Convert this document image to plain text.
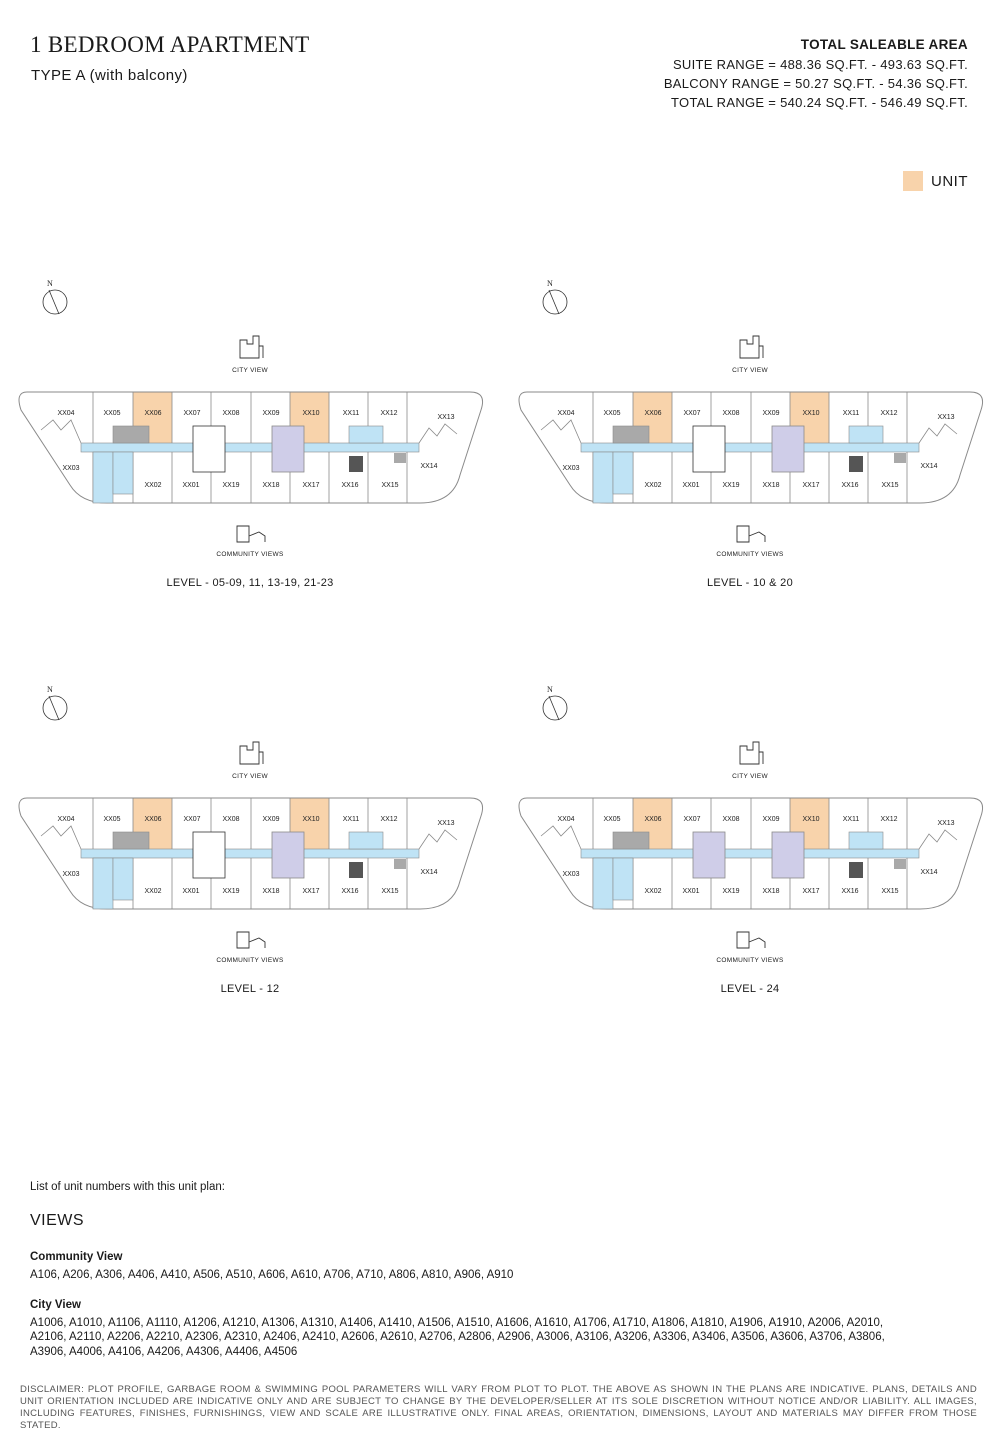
1 BEDROOM APARTMENT
TYPE A (with balcony)
TOTAL SALEABLE AREA
SUITE RANGE = 488.36 SQ.FT. - 493.63 SQ.FT.
BALCONY RANGE = 50.27 SQ.FT. - 54.36 SQ.FT.
TOTAL RANGE = 540.24 SQ.FT. - 546.49 SQ.FT.
UNIT
XX04	XX05	XX06	XX07	XX08	XX09	XX10	XX11	XX12
XX13
XX03
XX02	XX01	XX19	XX18	XX17	XX16	XX15
XX14
N
CITY VIEW
COMMUNITY VIEWS
LEVEL - 05-09, 11, 13-19, 21-23
XX04	XX05	XX06	XX07	XX08	XX09	XX10	XX11	XX12
XX13
XX03
XX02	XX01	XX19	XX18	XX17	XX16	XX15
XX14
N
CITY VIEW
COMMUNITY VIEWS
LEVEL - 10 & 20
XX04	XX05	XX06	XX07	XX08	XX09	XX10	XX11	XX12
XX13
XX03
XX02	XX01	XX19	XX18	XX17	XX16	XX15
XX14
N
CITY VIEW
COMMUNITY VIEWS
LEVEL - 12
XX04	XX05	XX06	XX07	XX08	XX09	XX10	XX11	XX12
XX13
XX03
XX02	XX01	XX19	XX18	XX17	XX16	XX15
XX14
N
CITY VIEW
COMMUNITY VIEWS
LEVEL - 24
List of unit numbers with this unit plan:
VIEWS
Community View
A106, A206, A306, A406, A410, A506, A510, A606, A610, A706, A710, A806, A810, A906, A910
City View
A1006, A1010, A1106, A1110, A1206, A1210, A1306, A1310, A1406, A1410, A1506, A1510, A1606, A1610, A1706, A1710, A1806, A1810, A1906, A1910, A2006, A2010, A2106, A2110, A2206, A2210, A2306, A2310, A2406, A2410, A2606, A2610, A2706, A2806, A2906, A3006, A3106, A3206, A3306, A3406, A3506, A3606, A3706, A3806, A3906, A4006, A4106, A4206, A4306, A4406, A4506
DISCLAIMER: PLOT PROFILE, GARBAGE ROOM & SWIMMING POOL PARAMETERS WILL VARY FROM PLOT TO PLOT. THE ABOVE AS SHOWN IN THE PLANS ARE INDICATIVE. PLANS, DETAILS AND UNIT ORIENTATION INCLUDED ARE INDICATIVE ONLY AND ARE SUBJECT TO CHANGE BY THE DEVELOPER/SELLER AT ITS SOLE DISCRETION WITHOUT NOTICE AND/OR LIABILITY. ALL IMAGES, INCLUDING FEATURES, FINISHES, FURNISHINGS, VIEW AND SCALE ARE ILLUSTRATIVE ONLY. FINAL AREAS, ORIENTATION, DIMENSIONS, LAYOUT AND MATERIALS MAY DIFFER FROM THOSE STATED.
